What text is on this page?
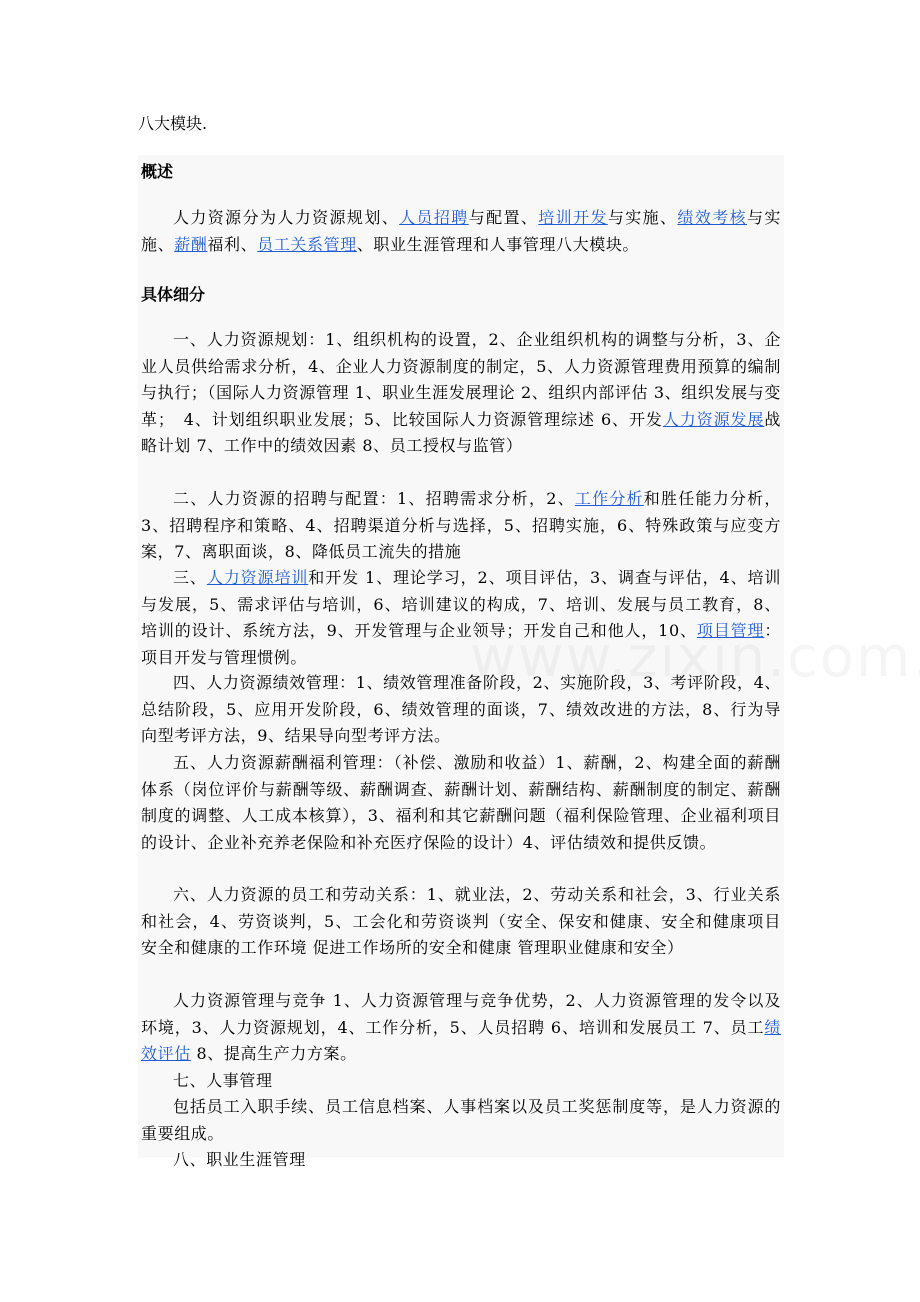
八大模块.
概述
人力资源分为人力资源规划、人员招聘与配置、培训开发与实施、绩效考核与实施、薪酬福利、员工关系管理、职业生涯管理和人事管理八大模块。
具体细分
一、人力资源规划：1、组织机构的设置，2、企业组织机构的调整与分析，3、企业人员供给需求分析，4、企业人力资源制度的制定，5、人力资源管理费用预算的编制与执行；（国际人力资源管理 1、职业生涯发展理论 2、组织内部评估 3、组织发展与变革；　4、计划组织职业发展；5、比较国际人力资源管理综述 6、开发人力资源发展战略计划 7、工作中的绩效因素 8、员工授权与监管）
二、人力资源的招聘与配置：1、招聘需求分析，2、工作分析和胜任能力分析，3、招聘程序和策略、4、招聘渠道分析与选择，5、招聘实施，6、特殊政策与应变方案，7、离职面谈，8、降低员工流失的措施
三、人力资源培训和开发 1、理论学习，2、项目评估，3、调查与评估，4、培训与发展，5、需求评估与培训，6、培训建议的构成，7、培训、发展与员工教育，8、培训的设计、系统方法，9、开发管理与企业领导；开发自己和他人，10、项目管理：项目开发与管理惯例。
四、人力资源绩效管理：1、绩效管理准备阶段，2、实施阶段，3、考评阶段，4、总结阶段，5、应用开发阶段，6、绩效管理的面谈，7、绩效改进的方法，8、行为导向型考评方法，9、结果导向型考评方法。
五、人力资源薪酬福利管理：（补偿、激励和收益）1、薪酬，2、构建全面的薪酬体系（岗位评价与薪酬等级、薪酬调查、薪酬计划、薪酬结构、薪酬制度的制定、薪酬制度的调整、人工成本核算），3、福利和其它薪酬问题（福利保险管理、企业福利项目的设计、企业补充养老保险和补充医疗保险的设计）4、评估绩效和提供反馈。
六、人力资源的员工和劳动关系：1、就业法，2、劳动关系和社会，3、行业关系和社会，4、劳资谈判，5、工会化和劳资谈判（安全、保安和健康、安全和健康项目 安全和健康的工作环境 促进工作场所的安全和健康 管理职业健康和安全）
人力资源管理与竞争 1、人力资源管理与竞争优势，2、人力资源管理的发令以及环境，3、人力资源规划，4、工作分析，5、人员招聘 6、培训和发展员工 7、员工绩效评估 8、提高生产力方案。
七、人事管理
包括员工入职手续、员工信息档案、人事档案以及员工奖惩制度等，是人力资源的重要组成。
八、职业生涯管理
